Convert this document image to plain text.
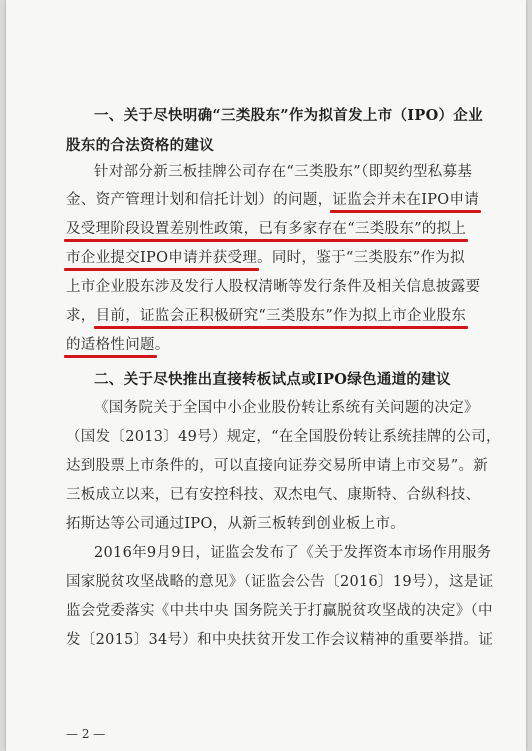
一、关于尽快明确“三类股东”作为拟首发上市（IPO）企业
股东的合法资格的建议
针对部分新三板挂牌公司存在“三类股东”（即契约型私募基
金、资产管理计划和信托计划）的问题，证监会并未在IPO申请
及受理阶段设置差别性政策，已有多家存在“三类股东”的拟上
市企业提交IPO申请并获受理。同时，鉴于“三类股东”作为拟
上市企业股东涉及发行人股权清晰等发行条件及相关信息披露要
求，目前，证监会正积极研究“三类股东”作为拟上市企业股东
的适格性问题。
二、关于尽快推出直接转板试点或IPO绿色通道的建议
《国务院关于全国中小企业股份转让系统有关问题的决定》
（国发〔2013〕49号）规定，“在全国股份转让系统挂牌的公司，
达到股票上市条件的，可以直接向证券交易所申请上市交易”。新
三板成立以来，已有安控科技、双杰电气、康斯特、合纵科技、
拓斯达等公司通过IPO，从新三板转到创业板上市。
2016年9月9日，证监会发布了《关于发挥资本市场作用服务
国家脱贫攻坚战略的意见》（证监会公告〔2016〕19号），这是证
监会党委落实《中共中央 国务院关于打赢脱贫攻坚战的决定》（中
发〔2015〕34号）和中央扶贫开发工作会议精神的重要举措。证
— 2 —
